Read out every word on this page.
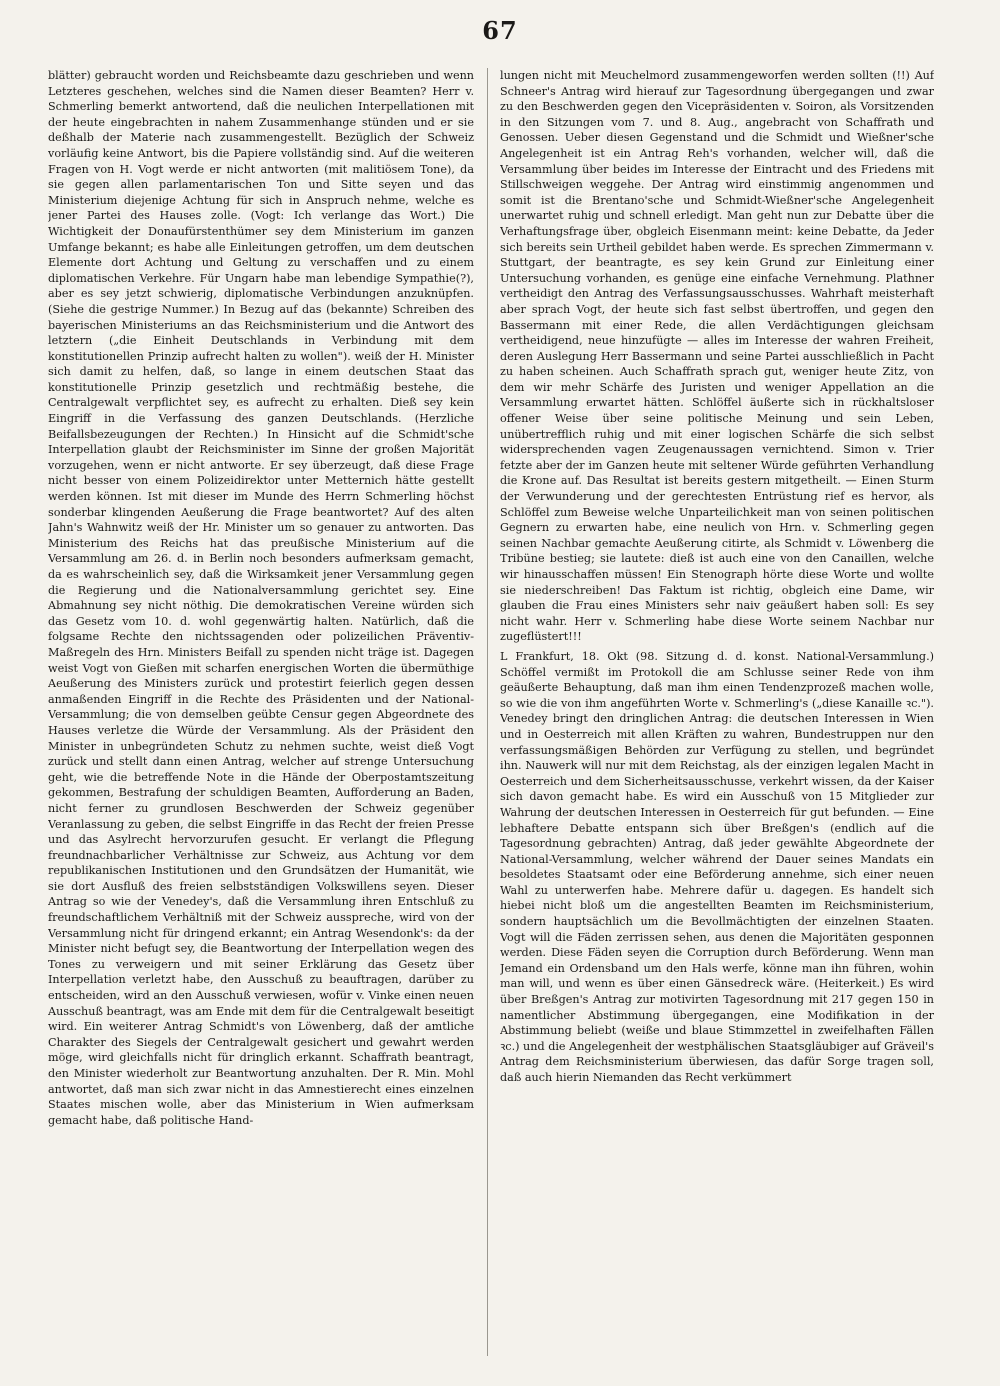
67

blätter) gebraucht worden und Reichsbeamte dazu geschrieben und wenn Letzteres geschehen, welches sind die Namen dieser Beamten? Herr v. Schmerling bemerkt antwortend, daß die neulichen Interpellationen mit der heute eingebrachten in nahem Zusammenhange stünden und er sie deßhalb der Materie nach zusammengestellt. Bezüglich der Schweiz vorläufig keine Antwort, bis die Papiere vollständig sind. Auf die weiteren Fragen von H. Vogt werde er nicht antworten (mit malitiösem Tone), da sie gegen allen parlamentarischen Ton und Sitte seyen und das Ministerium diejenige Achtung für sich in Anspruch nehme, welche es jener Partei des Hauses zolle. (Vogt: Ich verlange das Wort.) Die Wichtigkeit der Donaufürstenthümer sey dem Ministerium im ganzen Umfange bekannt; es habe alle Einleitungen getroffen, um dem deutschen Elemente dort Achtung und Geltung zu verschaffen und zu einem diplomatischen Verkehre. Für Ungarn habe man lebendige Sympathie(?), aber es sey jetzt schwierig, diplomatische Verbindungen anzuknüpfen. (Siehe die gestrige Nummer.) In Bezug auf das (bekannte) Schreiben des bayerischen Ministeriums an das Reichsministerium und die Antwort des letztern („die Einheit Deutschlands in Verbindung mit dem konstitutionellen Prinzip aufrecht halten zu wollen"). weiß der H. Minister sich damit zu helfen, daß, so lange in einem deutschen Staat das konstitutionelle Prinzip gesetzlich und rechtmäßig bestehe, die Centralgewalt verpflichtet sey, es aufrecht zu erhalten. Dieß sey kein Eingriff in die Verfassung des ganzen Deutschlands. (Herzliche Beifallsbezeugungen der Rechten.) In Hinsicht auf die Schmidt'sche Interpellation glaubt der Reichsminister im Sinne der großen Majorität vorzugehen, wenn er nicht antworte. Er sey überzeugt, daß diese Frage nicht besser von einem Polizeidirektor unter Metternich hätte gestellt werden können. Ist mit dieser im Munde des Herrn Schmerling höchst sonderbar klingenden Aeußerung die Frage beantwortet? Auf des alten Jahn's Wahnwitz weiß der Hr. Minister um so genauer zu antworten. Das Ministerium des Reichs hat das preußische Ministerium auf die Versammlung am 26. d. in Berlin noch besonders aufmerksam gemacht, da es wahrscheinlich sey, daß die Wirksamkeit jener Versammlung gegen die Regierung und die Nationalversammlung gerichtet sey. Eine Abmahnung sey nicht nöthig. Die demokratischen Vereine würden sich das Gesetz vom 10. d. wohl gegenwärtig halten. Natürlich, daß die folgsame Rechte den nichtssagenden oder polizeilichen Präventiv-Maßregeln des Hrn. Ministers Beifall zu spenden nicht träge ist. Dagegen weist Vogt von Gießen mit scharfen energischen Worten die übermüthige Aeußerung des Ministers zurück und protestirt feierlich gegen dessen anmaßenden Eingriff in die Rechte des Präsidenten und der National-Versammlung; die von demselben geübte Censur gegen Abgeordnete des Hauses verletze die Würde der Versammlung. Als der Präsident den Minister in unbegründeten Schutz zu nehmen suchte, weist dieß Vogt zurück und stellt dann einen Antrag, welcher auf strenge Untersuchung geht, wie die betreffende Note in die Hände der Oberpostamtszeitung gekommen, Bestrafung der schuldigen Beamten, Aufforderung an Baden, nicht ferner zu grundlosen Beschwerden der Schweiz gegenüber Veranlassung zu geben, die selbst Eingriffe in das Recht der freien Presse und das Asylrecht hervorzurufen gesucht. Er verlangt die Pflegung freundnachbarlicher Verhältnisse zur Schweiz, aus Achtung vor dem republikanischen Institutionen und den Grundsätzen der Humanität, wie sie dort Ausfluß des freien selbstständigen Volkswillens seyen. Dieser Antrag so wie der Venedey's, daß die Versammlung ihren Entschluß zu freundschaftlichem Verhältniß mit der Schweiz ausspreche, wird von der Versammlung nicht für dringend erkannt; ein Antrag Wesendonk's: da der Minister nicht befugt sey, die Beantwortung der Interpellation wegen des Tones zu verweigern und mit seiner Erklärung das Gesetz über Interpellation verletzt habe, den Ausschuß zu beauftragen, darüber zu entscheiden, wird an den Ausschuß verwiesen, wofür v. Vinke einen neuen Ausschuß beantragt, was am Ende mit dem für die Centralgewalt beseitigt wird. Ein weiterer Antrag Schmidt's von Löwenberg, daß der amtliche Charakter des Siegels der Centralgewalt gesichert und gewahrt werden möge, wird gleichfalls nicht für dringlich erkannt. Schaffrath beantragt, den Minister wiederholt zur Beantwortung anzuhalten. Der R. Min. Mohl antwortet, daß man sich zwar nicht in das Amnestierecht eines einzelnen Staates mischen wolle, aber das Ministerium in Wien aufmerksam gemacht habe, daß politische Hand-

lungen nicht mit Meuchelmord zusammengeworfen werden sollten (!!) Auf Schneer's Antrag wird hierauf zur Tagesordnung übergegangen und zwar zu den Beschwerden gegen den Vicepräsidenten v. Soiron, als Vorsitzenden in den Sitzungen vom 7. und 8. Aug., angebracht von Schaffrath und Genossen. Ueber diesen Gegenstand und die Schmidt und Wießner'sche Angelegenheit ist ein Antrag Reh's vorhanden, welcher will, daß die Versammlung über beides im Interesse der Eintracht und des Friedens mit Stillschweigen weggehe. Der Antrag wird einstimmig angenommen und somit ist die Brentano'sche und Schmidt-Wießner'sche Angelegenheit unerwartet ruhig und schnell erledigt. Man geht nun zur Debatte über die Verhaftungsfrage über, obgleich Eisenmann meint: keine Debatte, da Jeder sich bereits sein Urtheil gebildet haben werde. Es sprechen Zimmermann v. Stuttgart, der beantragte, es sey kein Grund zur Einleitung einer Untersuchung vorhanden, es genüge eine einfache Vernehmung. Plathner vertheidigt den Antrag des Verfassungsausschusses. Wahrhaft meisterhaft aber sprach Vogt, der heute sich fast selbst übertroffen, und gegen den Bassermann mit einer Rede, die allen Verdächtigungen gleichsam vertheidigend, neue hinzufügte — alles im Interesse der wahren Freiheit, deren Auslegung Herr Bassermann und seine Partei ausschließlich in Pacht zu haben scheinen. Auch Schaffrath sprach gut, weniger heute Zitz, von dem wir mehr Schärfe des Juristen und weniger Appellation an die Versammlung erwartet hätten. Schlöffel äußerte sich in rückhaltsloser offener Weise über seine politische Meinung und sein Leben, unübertrefflich ruhig und mit einer logischen Schärfe die sich selbst widersprechenden vagen Zeugenaussagen vernichtend. Simon v. Trier fetzte aber der im Ganzen heute mit seltener Würde geführten Verhandlung die Krone auf. Das Resultat ist bereits gestern mitgetheilt. — Einen Sturm der Verwunderung und der gerechtesten Entrüstung rief es hervor, als Schlöffel zum Beweise welche Unparteilichkeit man von seinen politischen Gegnern zu erwarten habe, eine neulich von Hrn. v. Schmerling gegen seinen Nachbar gemachte Aeußerung citirte, als Schmidt v. Löwenberg die Tribüne bestieg; sie lautete: dieß ist auch eine von den Canaillen, welche wir hinausschaffen müssen! Ein Stenograph hörte diese Worte und wollte sie niederschreiben! Das Faktum ist richtig, obgleich eine Dame, wir glauben die Frau eines Ministers sehr naiv geäußert haben soll: Es sey nicht wahr. Herr v. Schmerling habe diese Worte seinem Nachbar nur zugeflüstert!!!

L Frankfurt, 18. Okt (98. Sitzung d. d. konst. National-Versammlung.) Schöffel vermißt im Protokoll die am Schlusse seiner Rede von ihm geäußerte Behauptung, daß man ihm einen Tendenzprozeß machen wolle, so wie die von ihm angeführten Worte v. Schmerling's („diese Kanaille ꝛc."). Venedey bringt den dringlichen Antrag: die deutschen Interessen in Wien und in Oesterreich mit allen Kräften zu wahren, Bundestruppen nur den verfassungsmäßigen Behörden zur Verfügung zu stellen, und begründet ihn. Nauwerk will nur mit dem Reichstag, als der einzigen legalen Macht in Oesterreich und dem Sicherheitsausschusse, verkehrt wissen, da der Kaiser sich davon gemacht habe. Es wird ein Ausschuß von 15 Mitglieder zur Wahrung der deutschen Interessen in Oesterreich für gut befunden. — Eine lebhaftere Debatte entspann sich über Breßgen's (endlich auf die Tagesordnung gebrachten) Antrag, daß jeder gewählte Abgeordnete der National-Versammlung, welcher während der Dauer seines Mandats ein besoldetes Staatsamt oder eine Beförderung annehme, sich einer neuen Wahl zu unterwerfen habe. Mehrere dafür u. dagegen. Es handelt sich hiebei nicht bloß um die angestellten Beamten im Reichsministerium, sondern hauptsächlich um die Bevollmächtigten der einzelnen Staaten. Vogt will die Fäden zerrissen sehen, aus denen die Majoritäten gesponnen werden. Diese Fäden seyen die Corruption durch Beförderung. Wenn man Jemand ein Ordensband um den Hals werfe, könne man ihn führen, wohin man will, und wenn es über einen Gänsedreck wäre. (Heiterkeit.) Es wird über Breßgen's Antrag zur motivirten Tagesordnung mit 217 gegen 150 in namentlicher Abstimmung übergegangen, eine Modifikation in der Abstimmung beliebt (weiße und blaue Stimmzettel in zweifelhaften Fällen ꝛc.) und die Angelegenheit der westphälischen Staatsgläubiger auf Gräveil's Antrag dem Reichsministerium überwiesen, das dafür Sorge tragen soll, daß auch hierin Niemanden das Recht verkümmert
